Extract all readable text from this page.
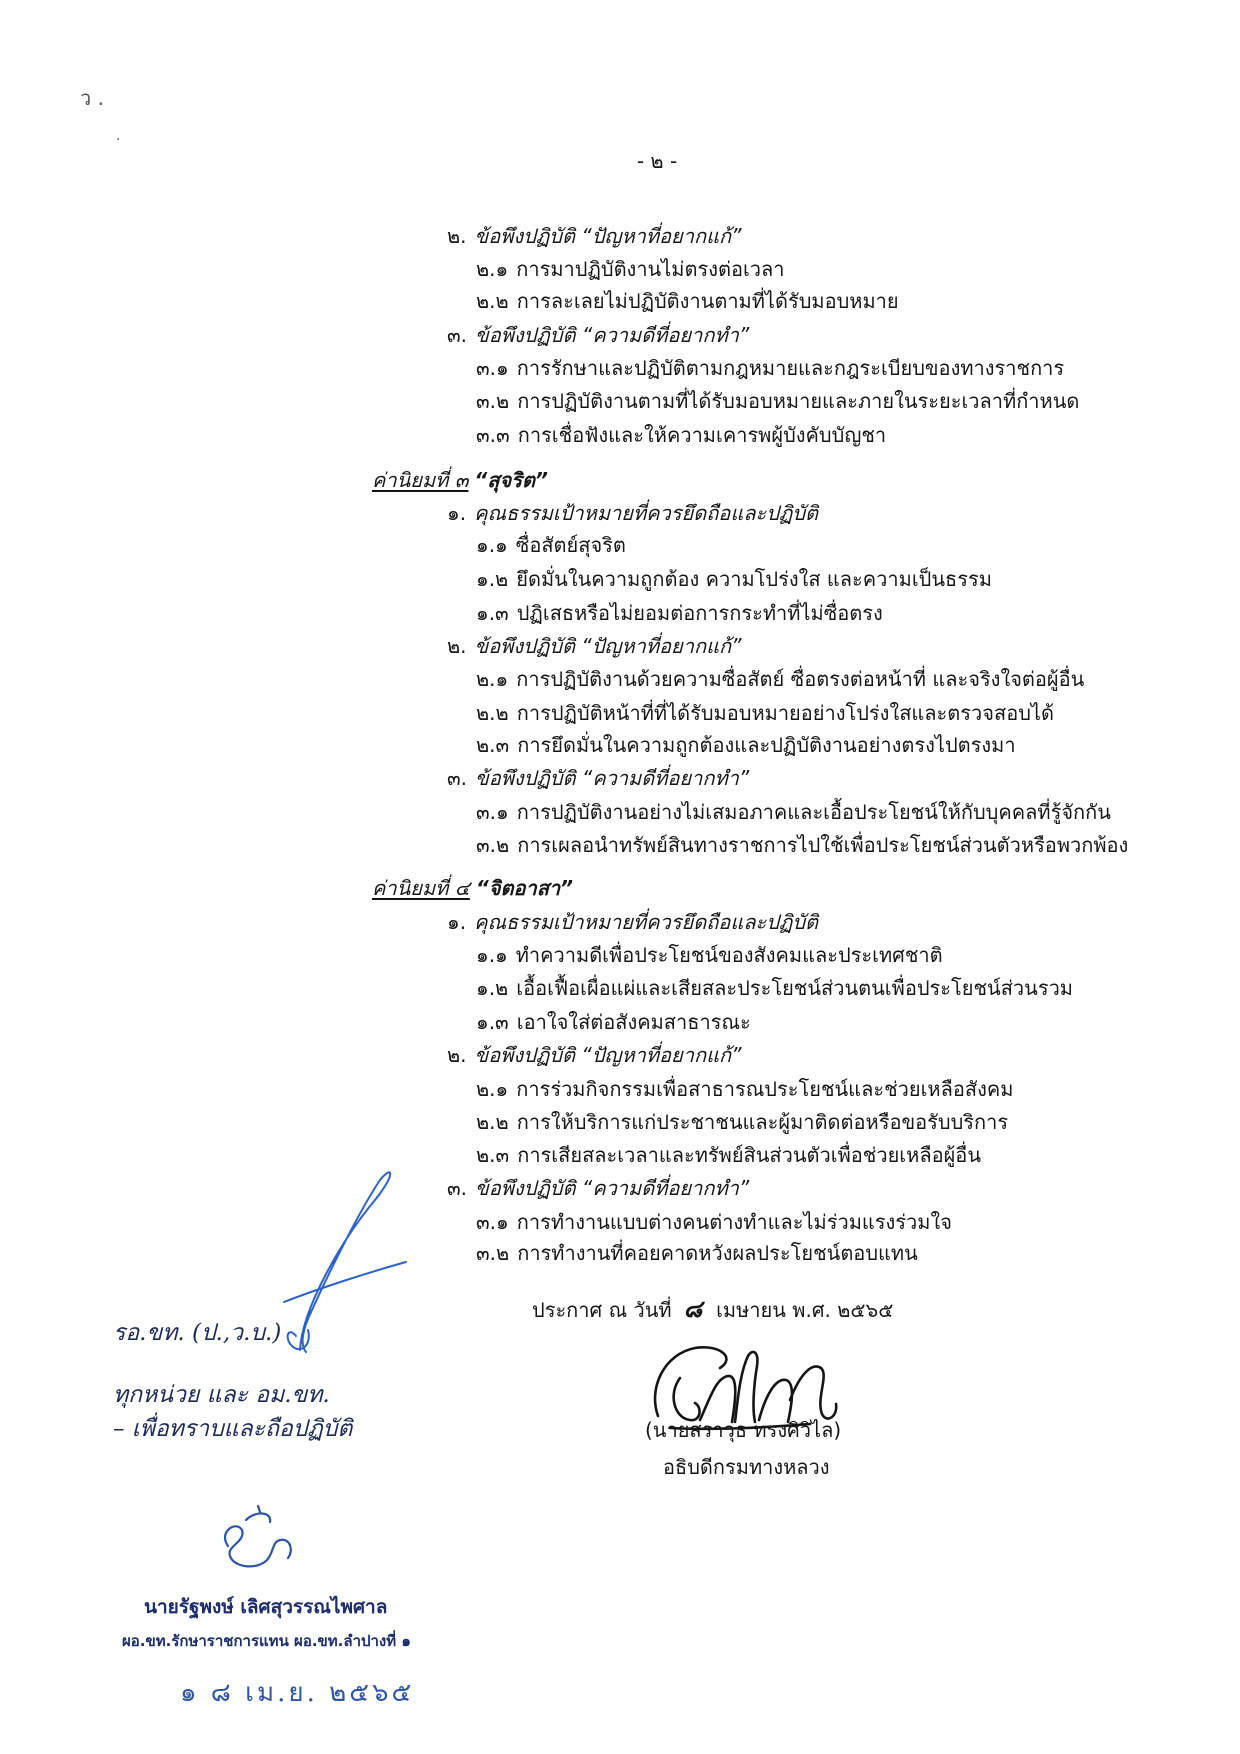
ว .
·
- ๒ -
๒. ข้อพึงปฏิบัติ “ปัญหาที่อยากแก้”
๒.๑ การมาปฏิบัติงานไม่ตรงต่อเวลา
๒.๒ การละเลยไม่ปฏิบัติงานตามที่ได้รับมอบหมาย
๓. ข้อพึงปฏิบัติ “ความดีที่อยากทำ”
๓.๑ การรักษาและปฏิบัติตามกฎหมายและกฎระเบียบของทางราชการ
๓.๒ การปฏิบัติงานตามที่ได้รับมอบหมายและภายในระยะเวลาที่กำหนด
๓.๓ การเชื่อฟังและให้ความเคารพผู้บังคับบัญชา
ค่านิยมที่ ๓ “สุจริต”
๑. คุณธรรมเป้าหมายที่ควรยึดถือและปฏิบัติ
๑.๑ ซื่อสัตย์สุจริต
๑.๒ ยึดมั่นในความถูกต้อง ความโปร่งใส และความเป็นธรรม
๑.๓ ปฏิเสธหรือไม่ยอมต่อการกระทำที่ไม่ซื่อตรง
๒. ข้อพึงปฏิบัติ “ปัญหาที่อยากแก้”
๒.๑ การปฏิบัติงานด้วยความซื่อสัตย์ ซื่อตรงต่อหน้าที่ และจริงใจต่อผู้อื่น
๒.๒ การปฏิบัติหน้าที่ที่ได้รับมอบหมายอย่างโปร่งใสและตรวจสอบได้
๒.๓ การยึดมั่นในความถูกต้องและปฏิบัติงานอย่างตรงไปตรงมา
๓. ข้อพึงปฏิบัติ “ความดีที่อยากทำ”
๓.๑ การปฏิบัติงานอย่างไม่เสมอภาคและเอื้อประโยชน์ให้กับบุคคลที่รู้จักกัน
๓.๒ การเผลอนำทรัพย์สินทางราชการไปใช้เพื่อประโยชน์ส่วนตัวหรือพวกพ้อง
ค่านิยมที่ ๔ “จิตอาสา”
๑. คุณธรรมเป้าหมายที่ควรยึดถือและปฏิบัติ
๑.๑ ทำความดีเพื่อประโยชน์ของสังคมและประเทศชาติ
๑.๒ เอื้อเฟื้อเผื่อแผ่และเสียสละประโยชน์ส่วนตนเพื่อประโยชน์ส่วนรวม
๑.๓ เอาใจใส่ต่อสังคมสาธารณะ
๒. ข้อพึงปฏิบัติ “ปัญหาที่อยากแก้”
๒.๑ การร่วมกิจกรรมเพื่อสาธารณประโยชน์และช่วยเหลือสังคม
๒.๒ การให้บริการแก่ประชาชนและผู้มาติดต่อหรือขอรับบริการ
๒.๓ การเสียสละเวลาและทรัพย์สินส่วนตัวเพื่อช่วยเหลือผู้อื่น
๓. ข้อพึงปฏิบัติ “ความดีที่อยากทำ”
๓.๑ การทำงานแบบต่างคนต่างทำและไม่ร่วมแรงร่วมใจ
๓.๒ การทำงานที่คอยคาดหวังผลประโยชน์ตอบแทน
ประกาศ ณ วันที่ ๘ เมษายน พ.ศ. ๒๕๖๕
(นายสราวุธ ทรงศิวิไล)
อธิบดีกรมทางหลวง
รอ.ขท. (ป.,ว.บ.)
ทุกหน่วย และ อม.ขท.
– เพื่อทราบและถือปฏิบัติ
นายรัฐพงษ์ เลิศสุวรรณไพศาล
ผอ.ขท.รักษาราชการแทน ผอ.ขท.ลำปางที่ ๑
๑ ๘ เม.ย. ๒๕๖๕
